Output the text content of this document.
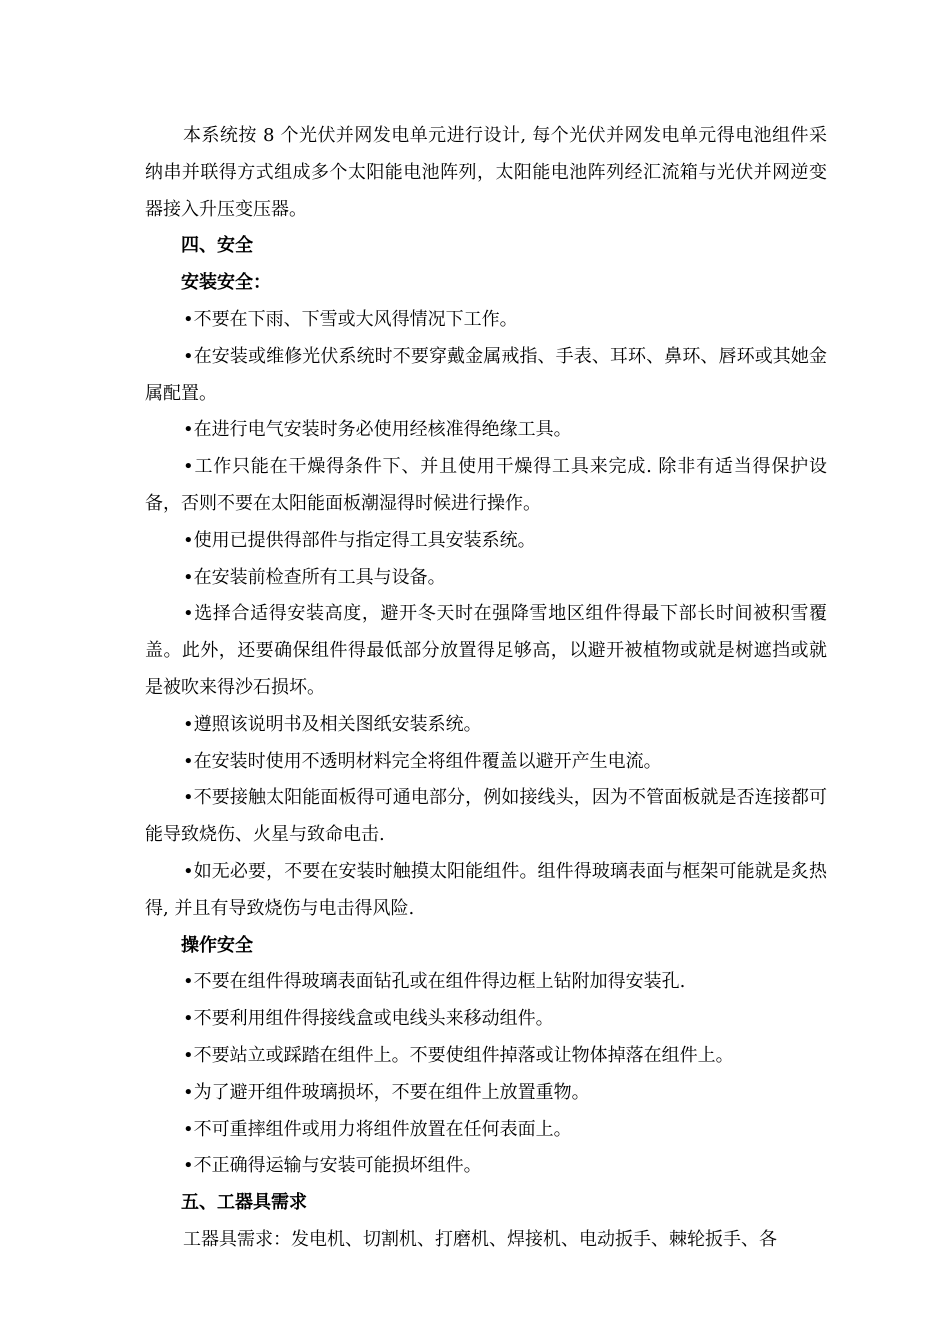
本系统按 8 个光伏并网发电单元进行设计, 每个光伏并网发电单元得电池组件采纳串并联得方式组成多个太阳能电池阵列，太阳能电池阵列经汇流箱与光伏并网逆变器接入升压变压器。

四、安全

安装安全：

•不要在下雨、下雪或大风得情况下工作。

•在安装或维修光伏系统时不要穿戴金属戒指、手表、耳环、鼻环、唇环或其她金属配置。

•在进行电气安装时务必使用经核准得绝缘工具。

•工作只能在干燥得条件下、并且使用干燥得工具来完成. 除非有适当得保护设备，否则不要在太阳能面板潮湿得时候进行操作。

•使用已提供得部件与指定得工具安装系统。

•在安装前检查所有工具与设备。

•选择合适得安装高度，避开冬天时在强降雪地区组件得最下部长时间被积雪覆盖。此外，还要确保组件得最低部分放置得足够高，以避开被植物或就是树遮挡或就是被吹来得沙石损坏。

•遵照该说明书及相关图纸安装系统。

•在安装时使用不透明材料完全将组件覆盖以避开产生电流。

•不要接触太阳能面板得可通电部分，例如接线头，因为不管面板就是否连接都可能导致烧伤、火星与致命电击.

•如无必要，不要在安装时触摸太阳能组件。组件得玻璃表面与框架可能就是炙热得, 并且有导致烧伤与电击得风险.

操作安全

•不要在组件得玻璃表面钻孔或在组件得边框上钻附加得安装孔.

•不要利用组件得接线盒或电线头来移动组件。

•不要站立或踩踏在组件上。不要使组件掉落或让物体掉落在组件上。

•为了避开组件玻璃损坏，不要在组件上放置重物。

•不可重摔组件或用力将组件放置在任何表面上。

•不正确得运输与安装可能损坏组件。

五、工器具需求

工器具需求：发电机、切割机、打磨机、焊接机、电动扳手、棘轮扳手、各
